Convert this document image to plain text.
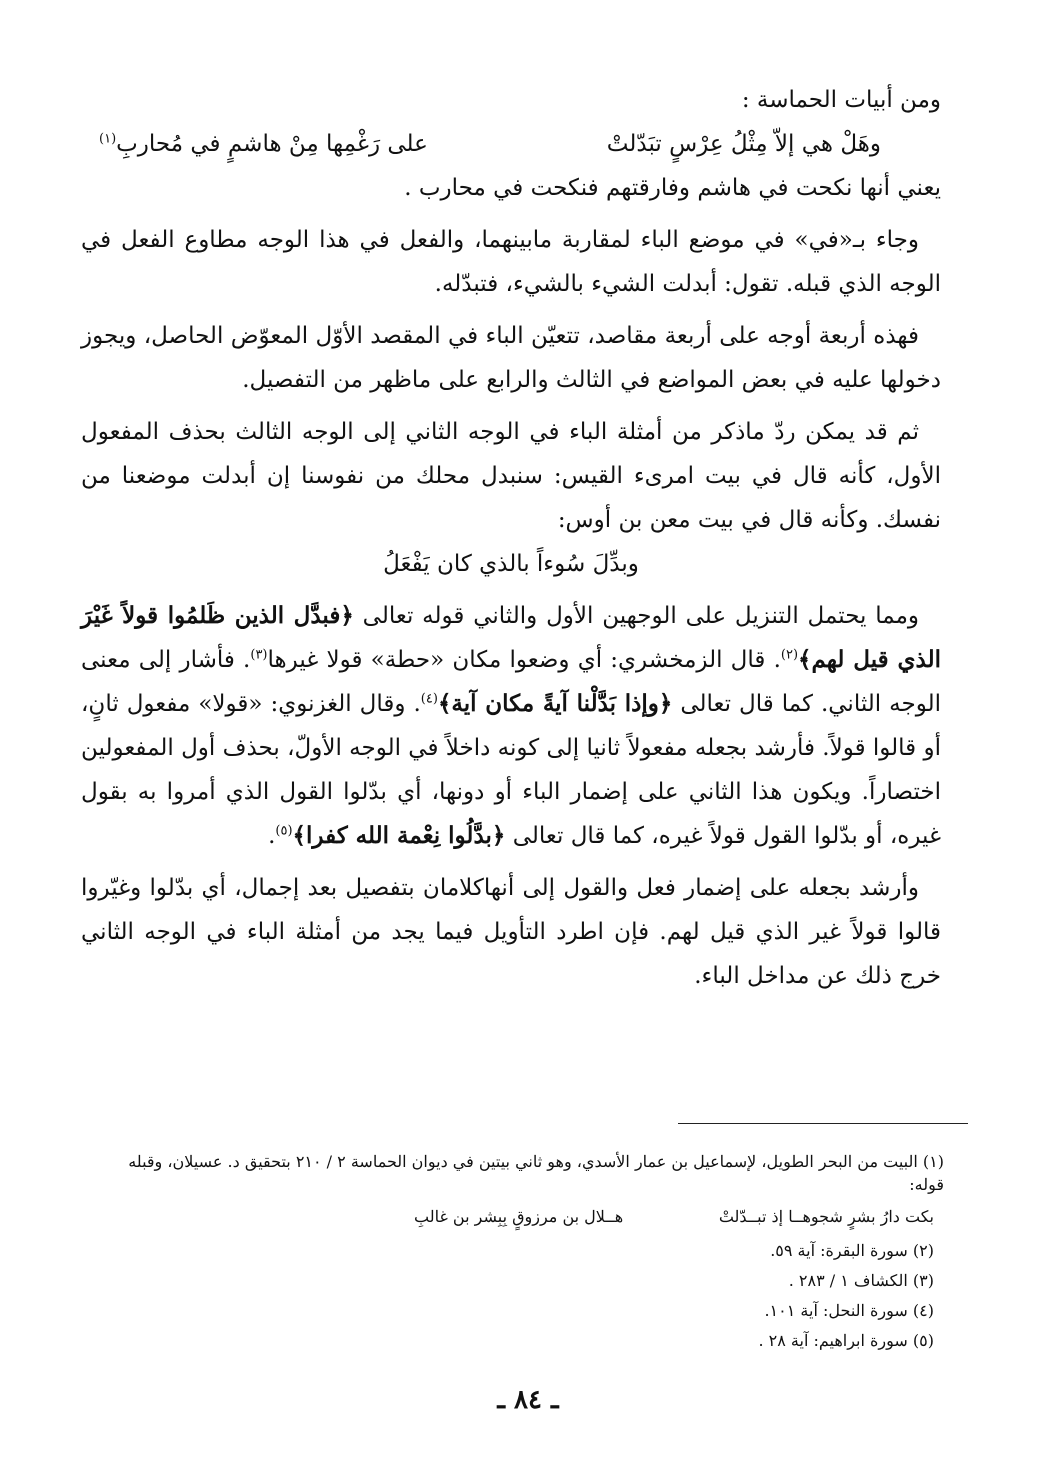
ومن أبيات الحماسة :

وهَلْ هي إلاّ مِثْلُ عِرْسٍ تبَدّلتْ
على رَغْمِها مِنْ هاشمٍ في مُحاربِ$^{(١)}$

يعني أنها نكحت في هاشم وفارقتهم فنكحت في محارب .

وجاء بـ«في» في موضع الباء لمقاربة مابينهما، والفعل في هذا الوجه مطاوع الفعل في الوجه الذي قبله. تقول: أبدلت الشيء بالشيء، فتبدّله.

فهذه أربعة أوجه على أربعة مقاصد، تتعيّن الباء في المقصد الأوّل المعوّض الحاصل، ويجوز دخولها عليه في بعض المواضع في الثالث والرابع على ماظهر من التفصيل.

ثم قد يمكن ردّ ماذكر من أمثلة الباء في الوجه الثاني إلى الوجه الثالث بحذف المفعول الأول، كأنه قال في بيت امرىء القيس: سنبدل محلك من نفوسنا إن أبدلت موضعنا من نفسك. وكأنه قال في بيت معن بن أوس:

وبدِّلَ سُوءاً بالذي كان يَفْعَلُ

ومما يحتمل التنزيل على الوجهين الأول والثاني قوله تعالى ﴿فبدَّل الذين ظَلمُوا قولاً غَيْرَ الذي قيل لهم﴾$^{(٢)}$. قال الزمخشري: أي وضعوا مكان «حطة» قولا غيرها$^{(٣)}$. فأشار إلى معنى الوجه الثاني. كما قال تعالى ﴿وإذا بَدَّلْنا آيةً مكان آية﴾$^{(٤)}$. وقال الغزنوي: «قولا» مفعول ثانٍ، أو قالوا قولاً. فأرشد بجعله مفعولاً ثانيا إلى كونه داخلاً في الوجه الأولّ، بحذف أول المفعولين اختصاراً. ويكون هذا الثاني على إضمار الباء أو دونها، أي بدّلوا القول الذي أمروا به بقول غيره، أو بدّلوا القول قولاً غيره، كما قال تعالى ﴿بدَّلُوا نِعْمة الله كفرا﴾$^{(٥)}$.

وأرشد بجعله على إضمار فعل والقول إلى أنهاكلامان بتفصيل بعد إجمال، أي بدّلوا وغيّروا قالوا قولاً غير الذي قيل لهم. فإن اطرد التأويل فيما يجد من أمثلة الباء في الوجه الثاني خرج ذلك عن مداخل الباء.

(١) البيت من البحر الطويل، لإسماعيل بن عمار الأسدي، وهو ثاني بيتين في ديوان الحماسة ٢ / ٢١٠ بتحقيق د. عسيلان، وقبله قوله:

بكت دارُ بشرٍ شجوهــا إذ تبــدّلتْ
هــلال بن مرزوقٍ بِبِشر بن غالبِ

(٢) سورة البقرة: آية ٥٩.

(٣) الكشاف ١ / ٢٨٣ .

(٤) سورة النحل: آية ١٠١.

(٥) سورة ابراهيم: آية ٢٨ .

ـ ٨٤ ـ
